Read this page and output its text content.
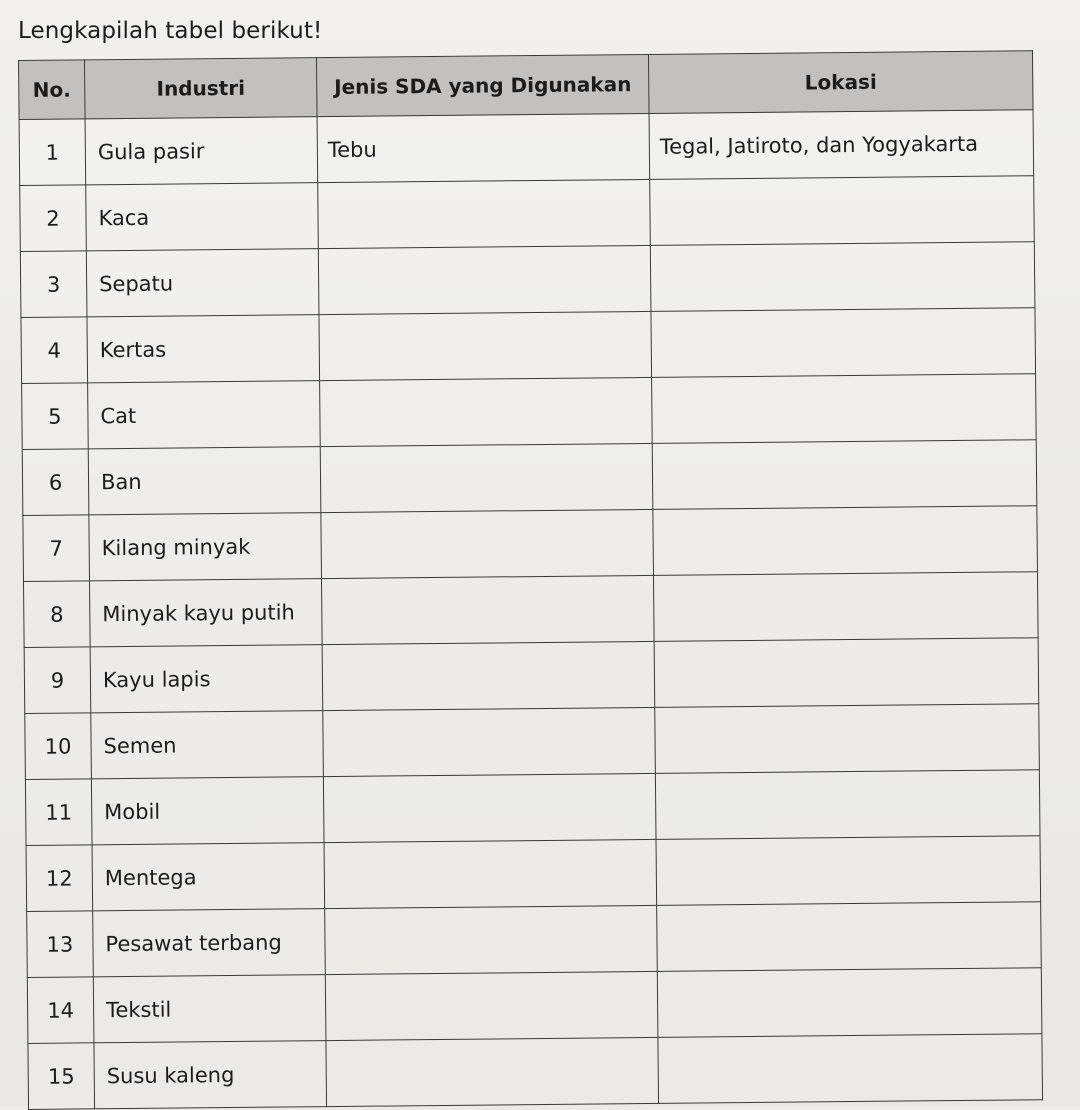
Lengkapilah tabel berikut!
No.	Industri	Jenis SDA yang Digunakan	Lokasi
1	Gula pasir	Tebu	Tegal, Jatiroto, dan Yogyakarta
2	Kaca		
3	Sepatu		
4	Kertas		
5	Cat		
6	Ban		
7	Kilang minyak		
8	Minyak kayu putih		
9	Kayu lapis		
10	Semen		
11	Mobil		
12	Mentega		
13	Pesawat terbang		
14	Tekstil		
15	Susu kaleng		
